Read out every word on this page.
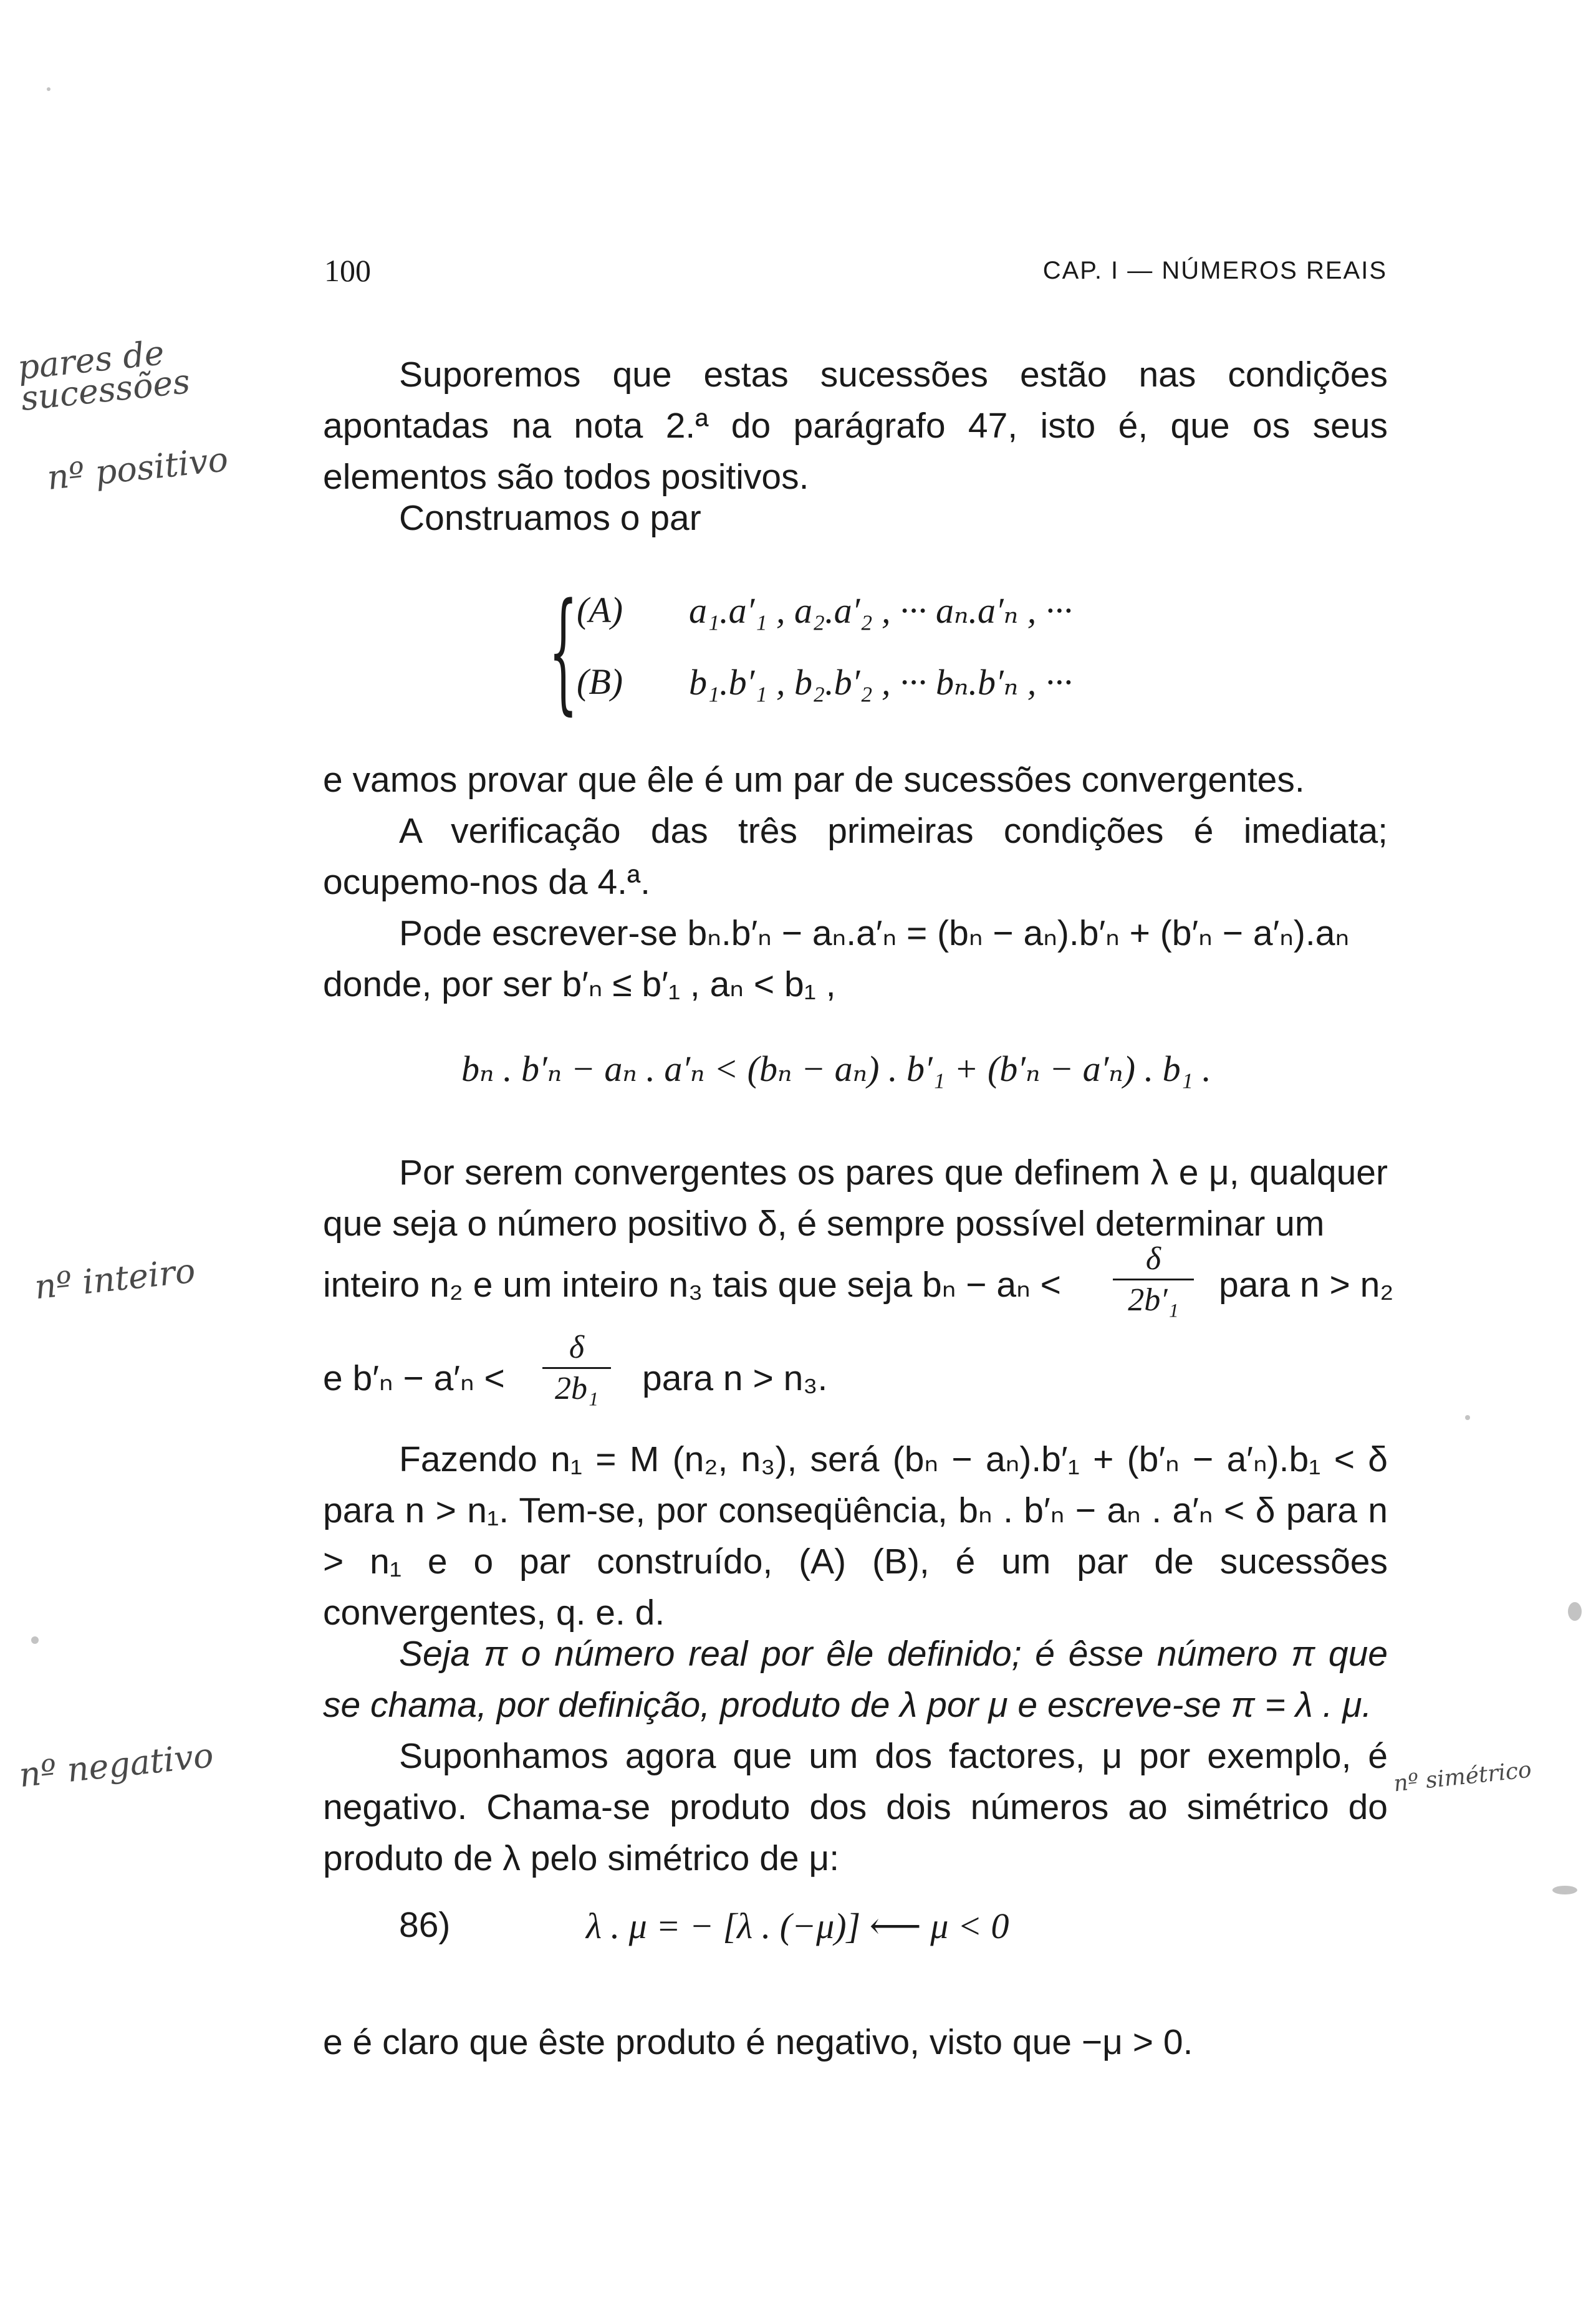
100	CAP. I — NÚMEROS REAIS
pares de sucessões
nº positivo
nº inteiro
nº negativo	nº simétrico
Suporemos que estas sucessões estão nas condições apontadas na nota 2.ª do parágrafo 47, isto é, que os seus elementos são todos positivos.
Construamos o par
{
(A) a₁.a′₁ , a₂.a′₂ , ··· aₙ.a′ₙ , ···
(B) b₁.b′₁ , b₂.b′₂ , ··· bₙ.b′ₙ , ···
e vamos provar que êle é um par de sucessões convergentes.
A verificação das três primeiras condições é imediata; ocupemo-nos da 4.ª.
Pode escrever-se bₙ.b′ₙ − aₙ.a′ₙ = (bₙ − aₙ).b′ₙ + (b′ₙ − a′ₙ).aₙ
donde, por ser b′ₙ ≤ b′₁ , aₙ < b₁ ,
bₙ . b′ₙ − aₙ . a′ₙ < (bₙ − aₙ) . b′₁ + (b′ₙ − a′ₙ) . b₁ .
Por serem convergentes os pares que definem λ e μ, qualquer que seja o número positivo δ, é sempre possível determinar um
inteiro n₂ e um inteiro n₃ tais que seja bₙ − aₙ <
δ
2b′₁	para n > n₂
e b′ₙ − a′ₙ <
δ
2b₁	para n > n₃.
Fazendo n₁ = M (n₂, n₃), será (bₙ − aₙ).b′₁ + (b′ₙ − a′ₙ).b₁ < δ para n > n₁. Tem-se, por conseqüência, bₙ . b′ₙ − aₙ . a′ₙ < δ para n > n₁ e o par construído, (A) (B), é um par de sucessões convergentes, q. e. d.
Seja π o número real por êle definido; é êsse número π que se chama, por definição, produto de λ por μ e escreve-se π = λ . μ.
Suponhamos agora que um dos factores, μ por exemplo, é negativo. Chama-se produto dos dois números ao simétrico do produto de λ pelo simétrico de μ:
86)	λ . μ = − [λ . (−μ)] ⟵ μ < 0
e é claro que êste produto é negativo, visto que −μ > 0.
